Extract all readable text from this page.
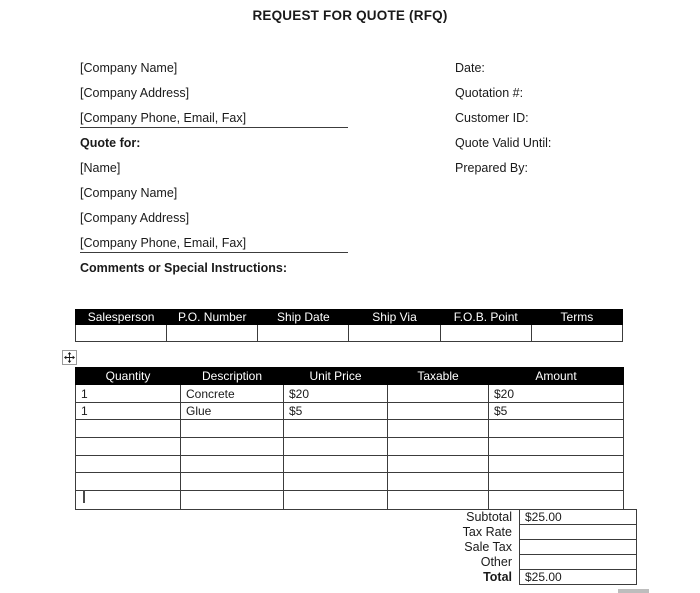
REQUEST FOR QUOTE (RFQ)
[Company Name]
[Company Address]
[Company Phone, Email, Fax]
Quote for:
[Name]
[Company Name]
[Company Address]
[Company Phone, Email, Fax]
Comments or Special Instructions:
Date:
Quotation #:
Customer ID:
Quote Valid Until:
Prepared By:
Salesperson	P.O. Number	Ship Date	Ship Via	F.O.B. Point	Terms

Quantity	Description	Unit Price	Taxable	Amount
1	Concrete	$20		$20
1	Glue	$5		$5

Subtotal	$25.00
Tax Rate	
Sale Tax	
Other	
Total	$25.00
